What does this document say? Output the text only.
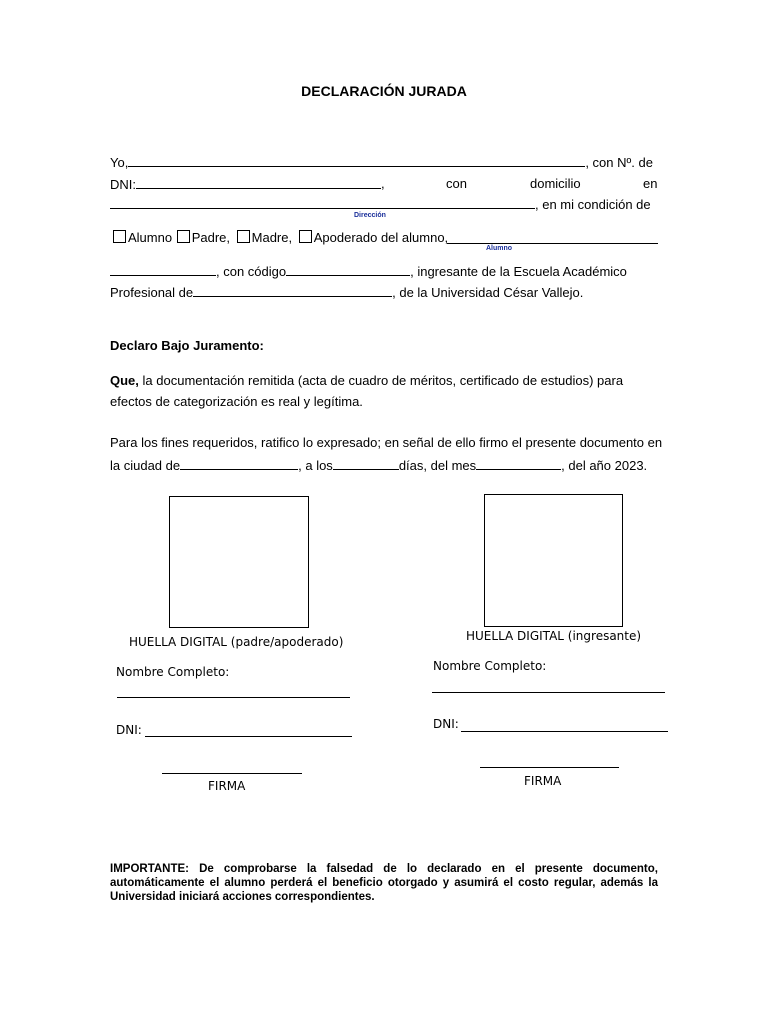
DECLARACIÓN JURADA
Yo,	, con Nº. de
DNI:	,	con	domicilio	en
, en mi condición de
Dirección
Alumno Padre, Madre, Apoderado del alumno,
Alumno
, con código	, ingresante de la Escuela Académico
Profesional de	, de la Universidad César Vallejo.
Declaro Bajo Juramento:
Que, la documentación remitida (acta de cuadro de méritos, certificado de estudios) para
efectos de categorización es real y legítima.
Para los fines requeridos, ratifico lo expresado; en señal de ello firmo el presente documento en
la ciudad de	, a los	días, del mes	, del año 2023.
HUELLA DIGITAL (padre/apoderado)
Nombre Completo:
DNI:
FIRMA
HUELLA DIGITAL (ingresante)
Nombre Completo:
DNI:
FIRMA
IMPORTANTE: De comprobarse la falsedad de lo declarado en el presente documento, automáticamente el alumno perderá el beneficio otorgado y asumirá el costo regular, además la Universidad iniciará acciones correspondientes.
